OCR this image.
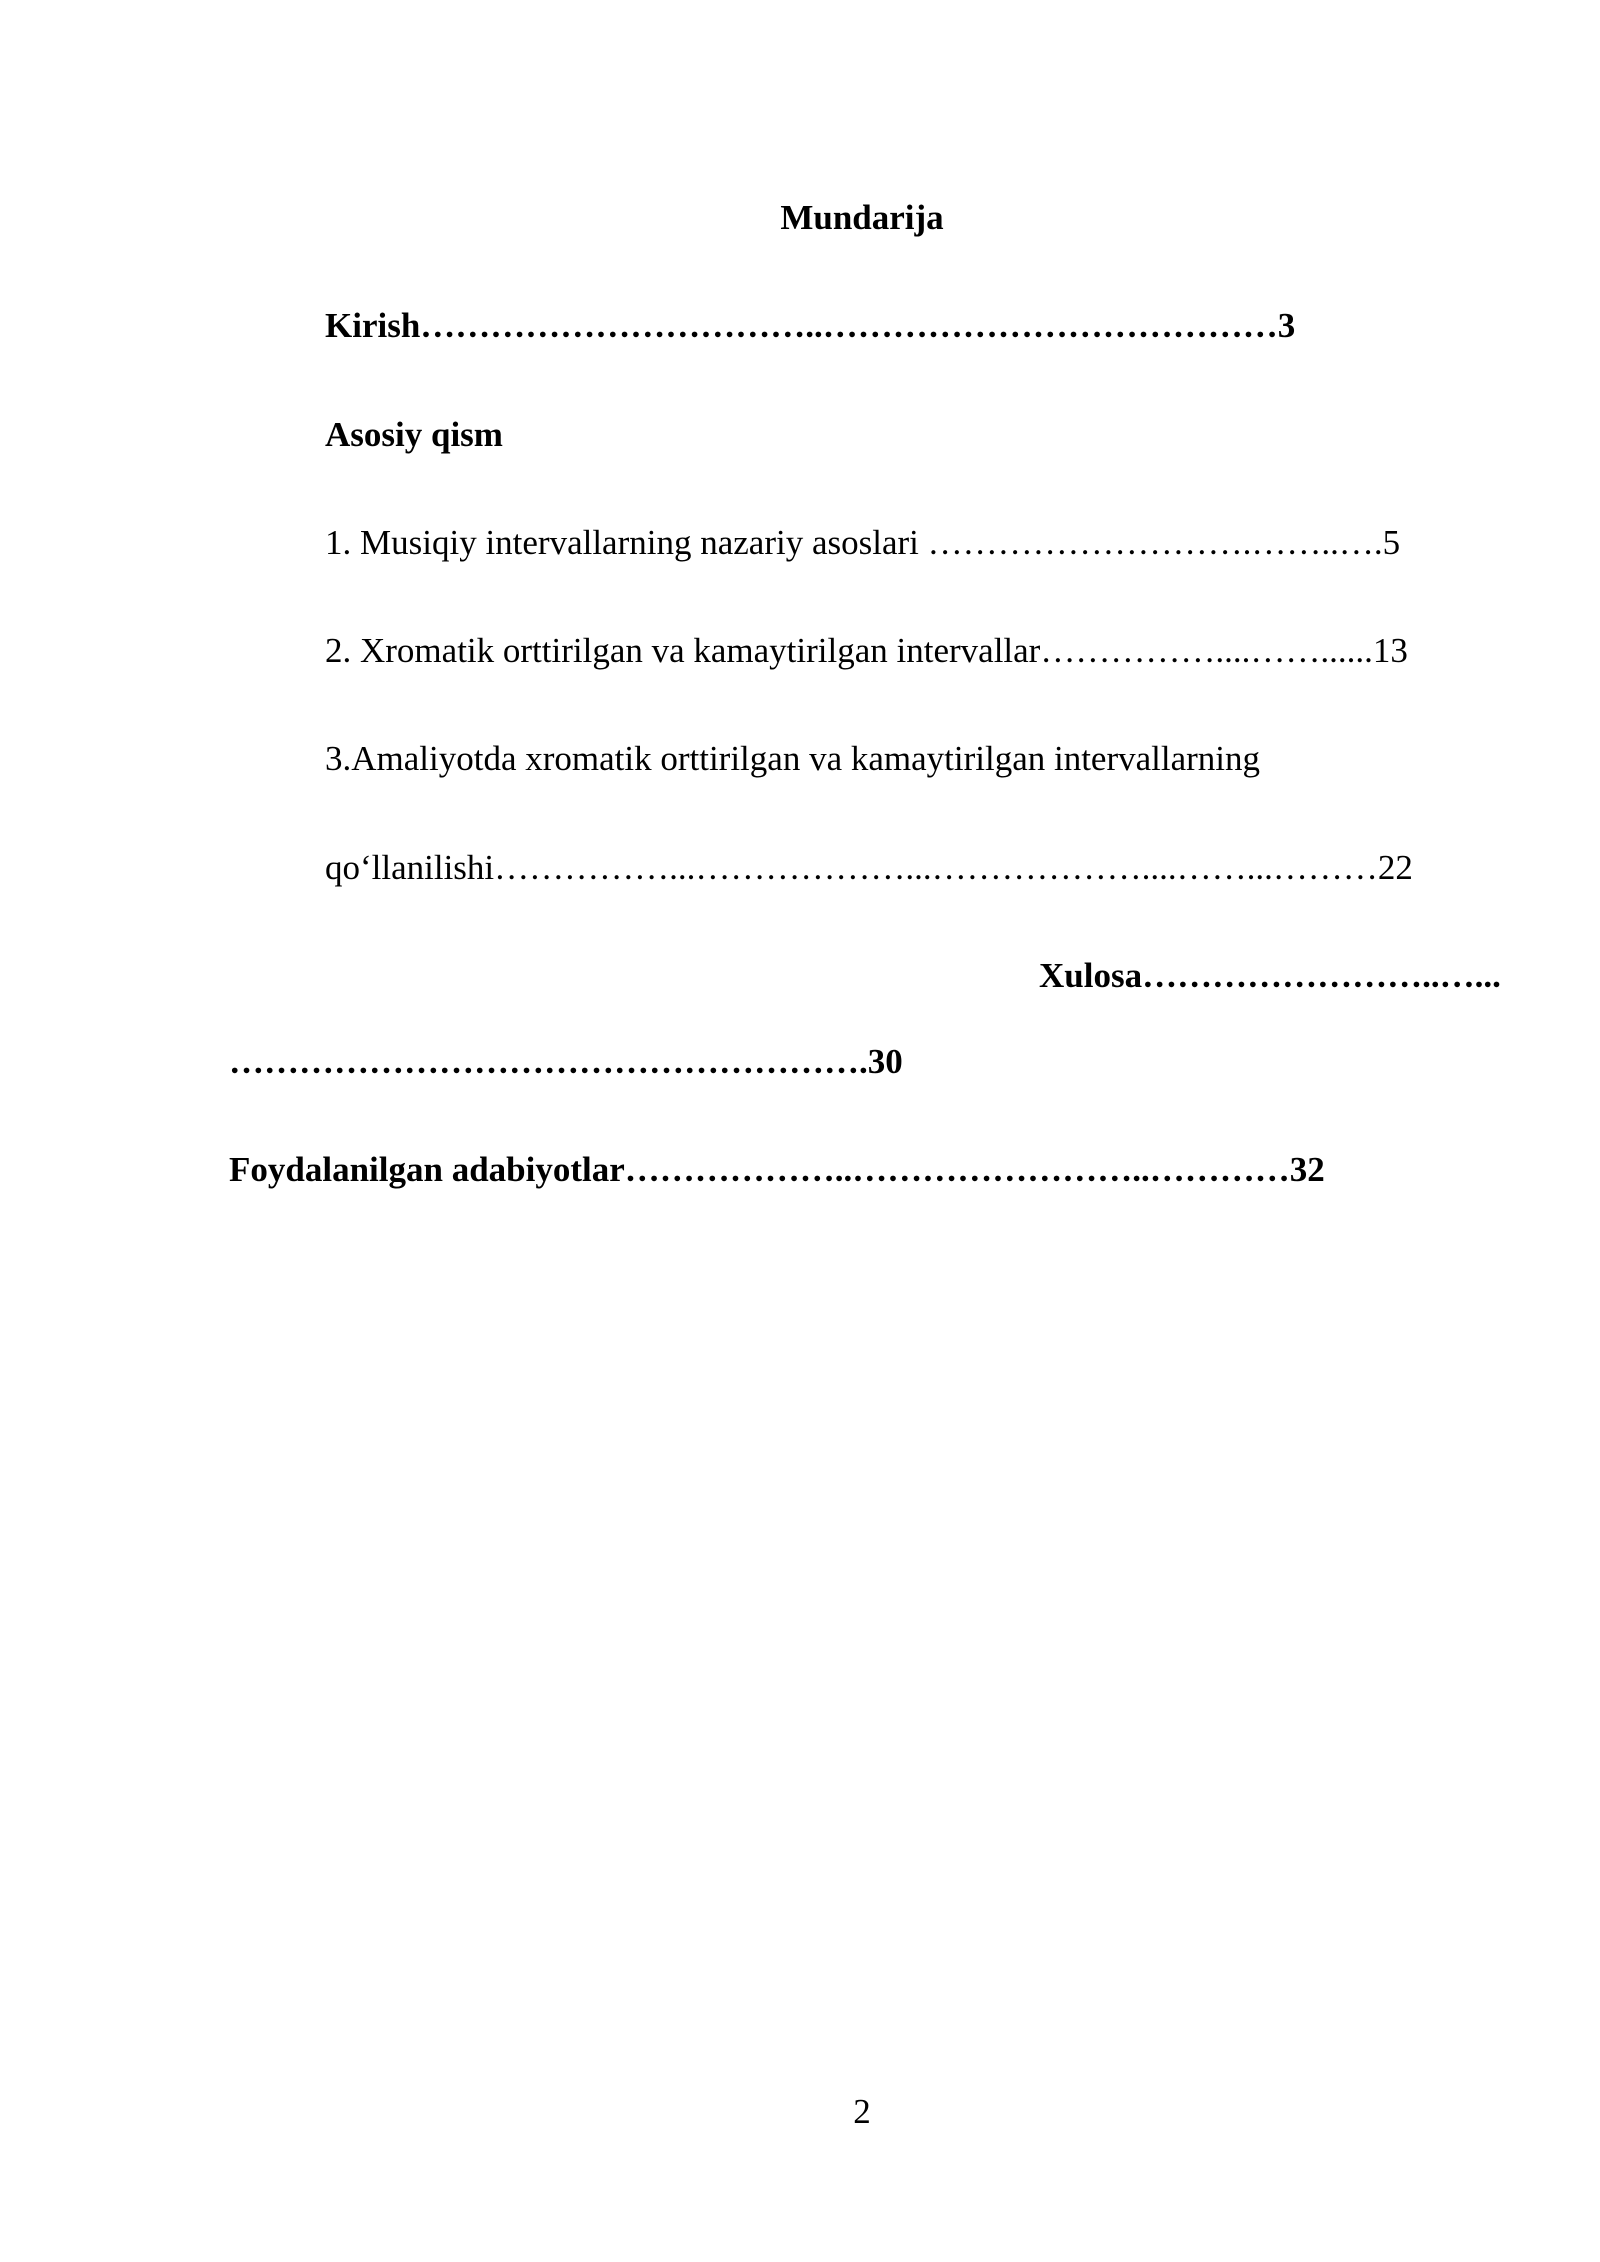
Mundarija
Kirish……………………………..…………………………………3
Asosiy qism
1. Musiqiy intervallarning nazariy asoslari ……………………….……..….5
2. Xromatik orttirilgan va kamaytirilgan intervallar……………....……......13
3.Amaliyotda xromatik orttirilgan va kamaytirilgan intervallarning
qo‘llanilishi……………...………………...………………....……...………22
Xulosa……………………..…...
……………………………………………….30
Foydalanilgan adabiyotlar………………..……………………..…………32
2
